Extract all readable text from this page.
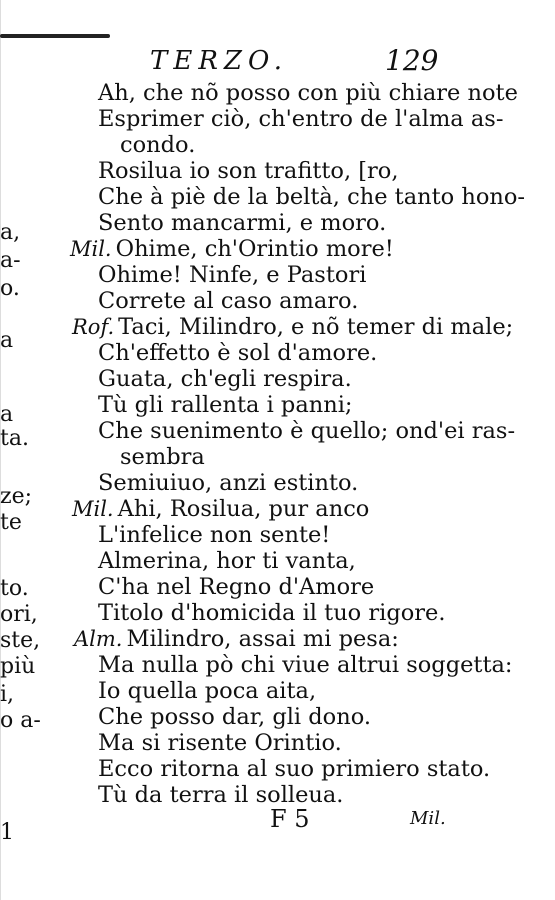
TERZO.	129
a,
a-
o.
a
a
ta.
ze;
te
to.
ori,
ste,
più
i,
o a-
1
Ah, che nõ posso con più chiare note
Esprimer ciò, ch'entro de l'alma as-
condo.
Rosilua io son trafitto, [ro,
Che à piè de la beltà, che tanto hono-
Sento mancarmi, e moro.
Mil. Ohime, ch'Orintio more!
Ohime! Ninfe, e Pastori
Correte al caso amaro.
Rof. Taci, Milindro, e nõ temer di male;
Ch'effetto è sol d'amore.
Guata, ch'egli respira.
Tù gli rallenta i panni;
Che suenimento è quello; ond'ei ras-
sembra
Semiuiuo, anzi estinto.
Mil. Ahi, Rosilua, pur anco
L'infelice non sente!
Almerina, hor ti vanta,
C'ha nel Regno d'Amore
Titolo d'homicida il tuo rigore.
Alm. Milindro, assai mi pesa:
Ma nulla pò chi viue altrui soggetta:
Io quella poca aita,
Che posso dar, gli dono.
Ma si risente Orintio.
Ecco ritorna al suo primiero stato.
Tù da terra il solleua.
F 5	Mil.
